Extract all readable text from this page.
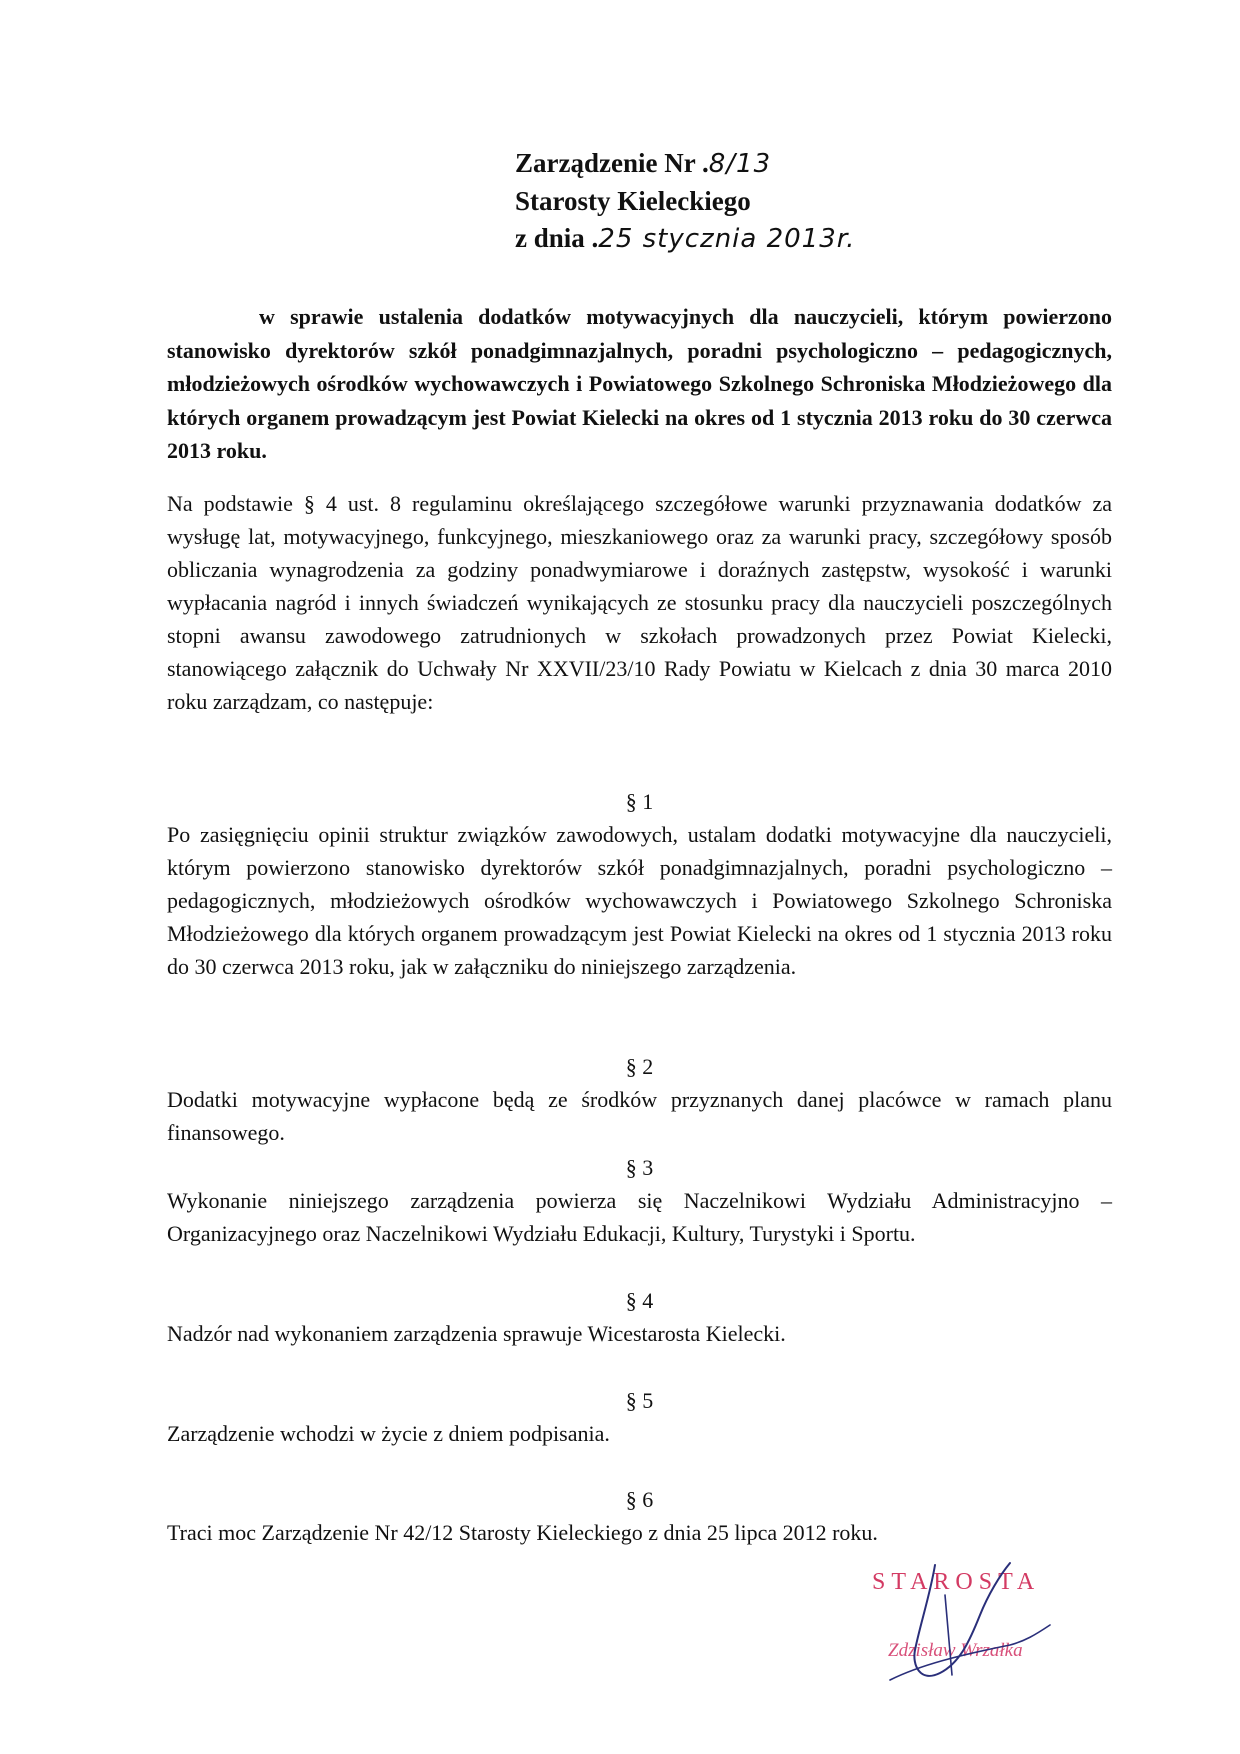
Zarządzenie Nr .8/13
Starosty Kieleckiego
z dnia .25 stycznia 2013r.
w sprawie ustalenia dodatków motywacyjnych dla nauczycieli, którym powierzono stanowisko dyrektorów szkół ponadgimnazjalnych, poradni psychologiczno – pedagogicznych, młodzieżowych ośrodków wychowawczych i Powiatowego Szkolnego Schroniska Młodzieżowego dla których organem prowadzącym jest Powiat Kielecki na okres od 1 stycznia 2013 roku do 30 czerwca 2013 roku.
Na podstawie § 4 ust. 8 regulaminu określającego szczegółowe warunki przyznawania dodatków za wysługę lat, motywacyjnego, funkcyjnego, mieszkaniowego oraz za warunki pracy, szczegółowy sposób obliczania wynagrodzenia za godziny ponadwymiarowe i doraźnych zastępstw, wysokość i warunki wypłacania nagród i innych świadczeń wynikających ze stosunku pracy dla nauczycieli poszczególnych stopni awansu zawodowego zatrudnionych w szkołach prowadzonych przez Powiat Kielecki, stanowiącego załącznik do Uchwały Nr XXVII/23/10 Rady Powiatu w Kielcach z dnia 30 marca 2010 roku zarządzam, co następuje:
§ 1
Po zasięgnięciu opinii struktur związków zawodowych, ustalam dodatki motywacyjne dla nauczycieli, którym powierzono stanowisko dyrektorów szkół ponadgimnazjalnych, poradni psychologiczno – pedagogicznych, młodzieżowych ośrodków wychowawczych i Powiatowego Szkolnego Schroniska Młodzieżowego dla których organem prowadzącym jest Powiat Kielecki na okres od 1 stycznia 2013 roku do 30 czerwca 2013 roku, jak w załączniku do niniejszego zarządzenia.
§ 2
Dodatki motywacyjne wypłacone będą ze środków przyznanych danej placówce w ramach planu finansowego.
§ 3
Wykonanie niniejszego zarządzenia powierza się Naczelnikowi Wydziału Administracyjno – Organizacyjnego oraz Naczelnikowi Wydziału Edukacji, Kultury, Turystyki i Sportu.
§ 4
Nadzór nad wykonaniem zarządzenia sprawuje Wicestarosta Kielecki.
§ 5
Zarządzenie wchodzi w życie z dniem podpisania.
§ 6
Traci moc Zarządzenie Nr 42/12 Starosty Kieleckiego z dnia 25 lipca 2012 roku.
STAROSTA
Zdzisław Wrzałka
